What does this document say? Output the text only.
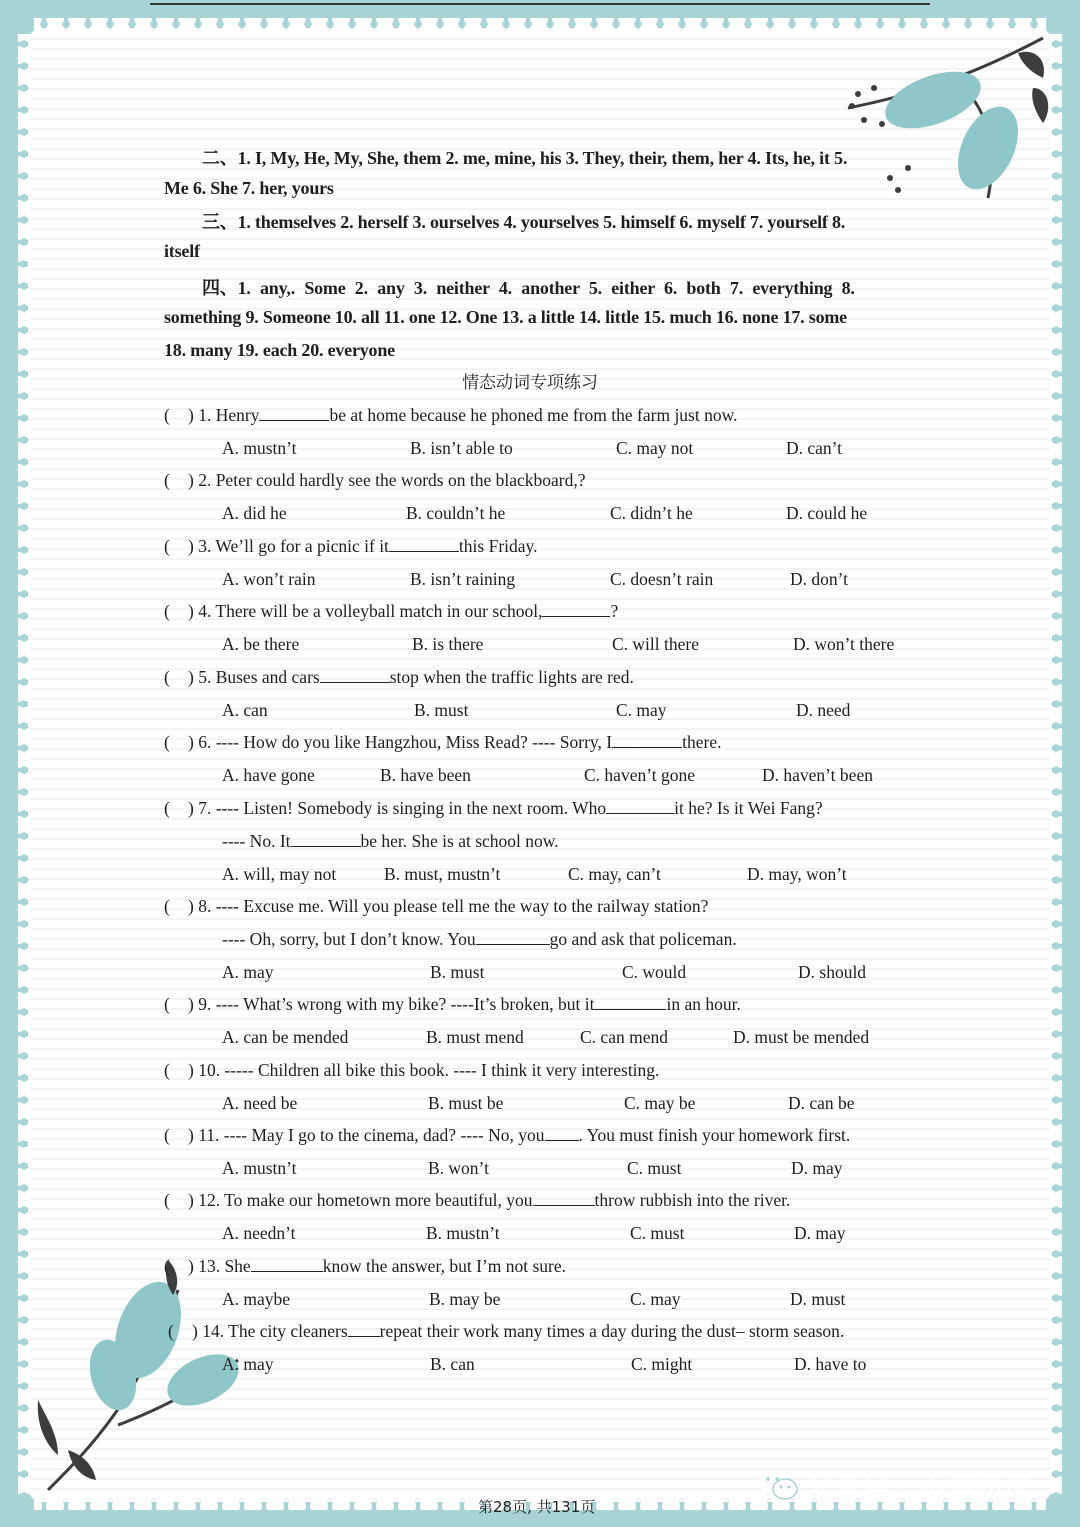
二、1. I, My, He, My, She, them 2. me, mine, his 3. They, their, them, her 4. Its, he, it 5.
Me 6. She 7. her, yours
三、1. themselves 2. herself 3. ourselves 4. yourselves 5. himself 6. myself 7. yourself 8.
itself
四、1. any,. Some 2. any 3. neither 4. another 5. either 6. both 7. everything 8.
something 9. Someone 10. all 11. one 12. One 13. a little 14. little 15. much 16. none 17. some
18. many 19. each 20. everyone
情态动词专项练习
( ) 1. Henry	be at home because he phoned me from the farm just now.
A. mustn’t	B. isn’t able to	C. may not	D. can’t
( ) 2. Peter could hardly see the words on the blackboard,?
A. did he	B. couldn’t he	C. didn’t he	D. could he
( ) 3. We’ll go for a picnic if it	this Friday.
A. won’t rain	B. isn’t raining	C. doesn’t rain	D. don’t
( ) 4. There will be a volleyball match in our school,	?
A. be there	B. is there	C. will there	D. won’t there
( ) 5. Buses and cars	stop when the traffic lights are red.
A. can	B. must	C. may	D. need
( ) 6. ---- How do you like Hangzhou, Miss Read? ---- Sorry, I	there.
A. have gone	B. have been	C. haven’t gone	D. haven’t been
( ) 7. ---- Listen! Somebody is singing in the next room. Who	it he? Is it Wei Fang?
---- No. It	be her. She is at school now.
A. will, may not	B. must, mustn’t	C. may, can’t	D. may, won’t
( ) 8. ---- Excuse me. Will you please tell me the way to the railway station?
---- Oh, sorry, but I don’t know. You	go and ask that policeman.
A. may	B. must	C. would	D. should
( ) 9. ---- What’s wrong with my bike? ----It’s broken, but it	in an hour.
A. can be mended	B. must mend	C. can mend	D. must be mended
( ) 10. ----- Children all bike this book. ---- I think it very interesting.
A. need be	B. must be	C. may be	D. can be
( ) 11. ---- May I go to the cinema, dad? ---- No, you . You must finish your homework first.
A. mustn’t	B. won’t	C. must	D. may
( ) 12. To make our hometown more beautiful, you	throw rubbish into the river.
A. needn’t	B. mustn’t	C. must	D. may
( ) 13. She	know the answer, but I’m not sure.
A. maybe	B. may be	C. may	D. must
( ) 14. The city cleaners repeat their work many times a day during the dust– storm season.
A. may	B. can	C. might	D. have to
公众号 · 小儒郎说
第28页, 共131页
